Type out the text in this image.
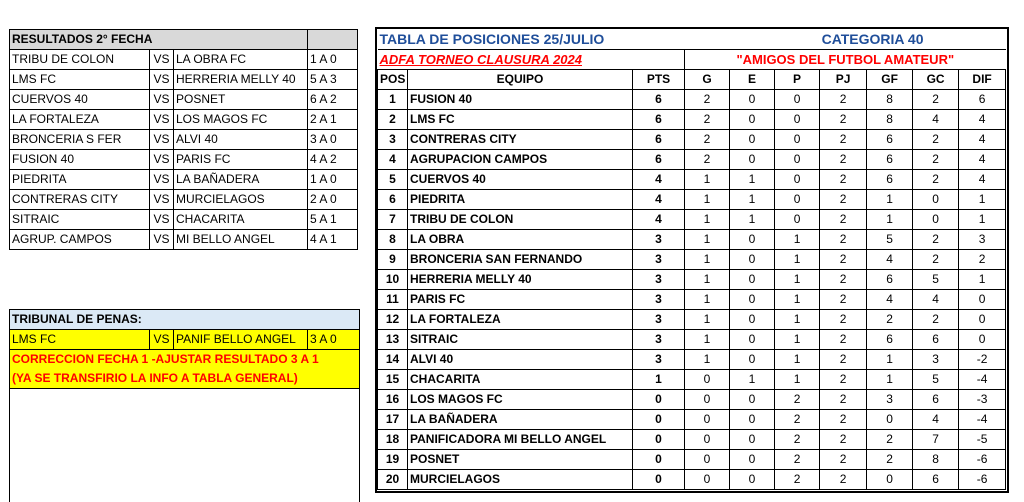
RESULTADOS 2° FECHA			
TRIBU DE COLON	VS	LA OBRA FC	1 A 0
LMS FC	VS	HERRERIA MELLY 40	5 A 3
CUERVOS 40	VS	POSNET	6 A 2
LA FORTALEZA	VS	LOS MAGOS FC	2 A 1
BRONCERIA S FER	VS	ALVI 40	3 A 0
FUSION 40	VS	PARIS FC	4 A 2
PIEDRITA	VS	LA BAÑADERA	1 A 0
CONTRERAS CITY	VS	MURCIELAGOS	2 A 0
SITRAIC	VS	CHACARITA	5 A 1
AGRUP. CAMPOS	VS	MI BELLO ANGEL	4 A 1
TRIBUNAL DE PENAS:
LMS FC	VS	PANIF BELLO ANGEL	3 A 0
CORRECCION FECHA 1 -AJUSTAR RESULTADO 3 A 1
(YA SE TRANSFIRIO LA INFO A TABLA GENERAL)
TABLA DE POSICIONES 25/JULIO						CATEGORIA 40			
ADFA TORNEO CLAUSURA 2024			"AMIGOS DEL FUTBOL AMATEUR"						
POS	EQUIPO	PTS	G	E	P	PJ	GF	GC	DIF
1	FUSION 40	6	2	0	0	2	8	2	6
2	LMS FC	6	2	0	0	2	8	4	4
3	CONTRERAS CITY	6	2	0	0	2	6	2	4
4	AGRUPACION CAMPOS	6	2	0	0	2	6	2	4
5	CUERVOS 40	4	1	1	0	2	6	2	4
6	PIEDRITA	4	1	1	0	2	1	0	1
7	TRIBU DE COLON	4	1	1	0	2	1	0	1
8	LA OBRA	3	1	0	1	2	5	2	3
9	BRONCERIA SAN FERNANDO	3	1	0	1	2	4	2	2
10	HERRERIA MELLY 40	3	1	0	1	2	6	5	1
11	PARIS FC	3	1	0	1	2	4	4	0
12	LA FORTALEZA	3	1	0	1	2	2	2	0
13	SITRAIC	3	1	0	1	2	6	6	0
14	ALVI 40	3	1	0	1	2	1	3	-2
15	CHACARITA	1	0	1	1	2	1	5	-4
16	LOS MAGOS FC	0	0	0	2	2	3	6	-3
17	LA BAÑADERA	0	0	0	2	2	0	4	-4
18	PANIFICADORA MI BELLO ANGEL	0	0	0	2	2	2	7	-5
19	POSNET	0	0	0	2	2	2	8	-6
20	MURCIELAGOS	0	0	0	2	2	0	6	-6
